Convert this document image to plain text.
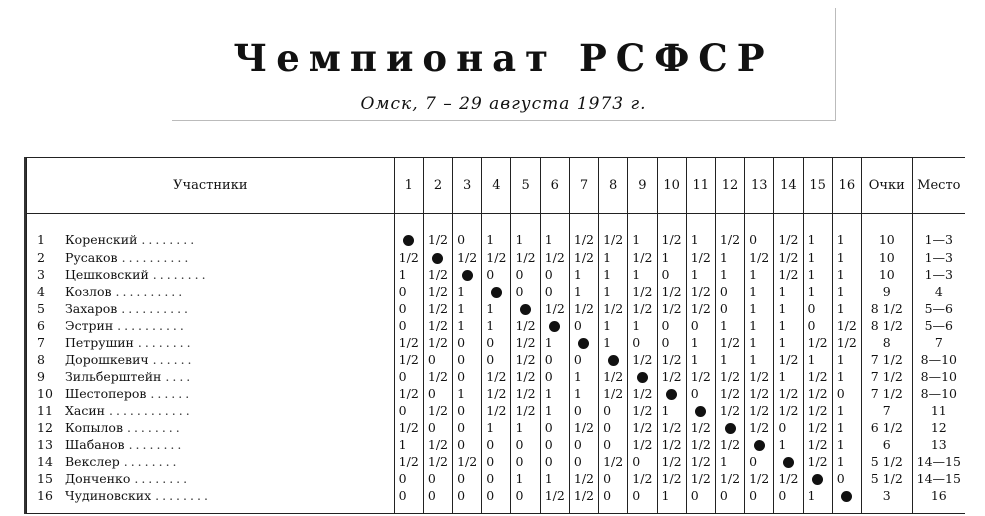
Чемпионат РСФСР
Омск, 7 – 29 августа 1973 г.
Участники	1	2	3	4	5	6	7	8	9	10	11	12	13	14	15	16	Очки	Место
1 Коренский ........		1/2	0	1	1	1	1/2	1/2	1	1/2	1	1/2	0	1/2	1	1	10	1—3
2 Русаков ..........	1/2		1/2	1/2	1/2	1/2	1/2	1	1/2	1	1/2	1	1/2	1/2	1	1	10	1—3
3 Цешковский ........	1	1/2		0	0	0	1	1	1	0	1	1	1	1/2	1	1	10	1—3
4 Козлов ..........	0	1/2	1		0	0	1	1	1/2	1/2	1/2	0	1	1	1	1	9	4
5 Захаров ..........	0	1/2	1	1		1/2	1/2	1/2	1/2	1/2	1/2	0	1	1	0	1	8 1/2	5—6
6 Эстрин ..........	0	1/2	1	1	1/2		0	1	1	0	0	1	1	1	0	1/2	8 1/2	5—6
7 Петрушин ........	1/2	1/2	0	0	1/2	1		1	0	0	1	1/2	1	1	1/2	1/2	8	7
8 Дорошкевич ......	1/2	0	0	0	1/2	0	0		1/2	1/2	1	1	1	1/2	1	1	7 1/2	8—10
9 Зильберштейн ....	0	1/2	0	1/2	1/2	0	1	1/2		1/2	1/2	1/2	1/2	1	1/2	1	7 1/2	8—10
10 Шестоперов ......	1/2	0	1	1/2	1/2	1	1	1/2	1/2		0	1/2	1/2	1/2	1/2	0	7 1/2	8—10
11 Хасин ............	0	1/2	0	1/2	1/2	1	0	0	1/2	1		1/2	1/2	1/2	1/2	1	7	11
12 Копылов ........	1/2	0	0	1	1	0	1/2	0	1/2	1/2	1/2		1/2	0	1/2	1	6 1/2	12
13 Шабанов ........	1	1/2	0	0	0	0	0	0	1/2	1/2	1/2	1/2		1	1/2	1	6	13
14 Векслер ........	1/2	1/2	1/2	0	0	0	0	1/2	0	1/2	1/2	1	0		1/2	1	5 1/2	14—15
15 Донченко ........	0	0	0	0	1	1	1/2	0	1/2	1/2	1/2	1/2	1/2	1/2		0	5 1/2	14—15
16 Чудиновских ........	0	0	0	0	0	1/2	1/2	0	0	1	0	0	0	0	1		3	16
